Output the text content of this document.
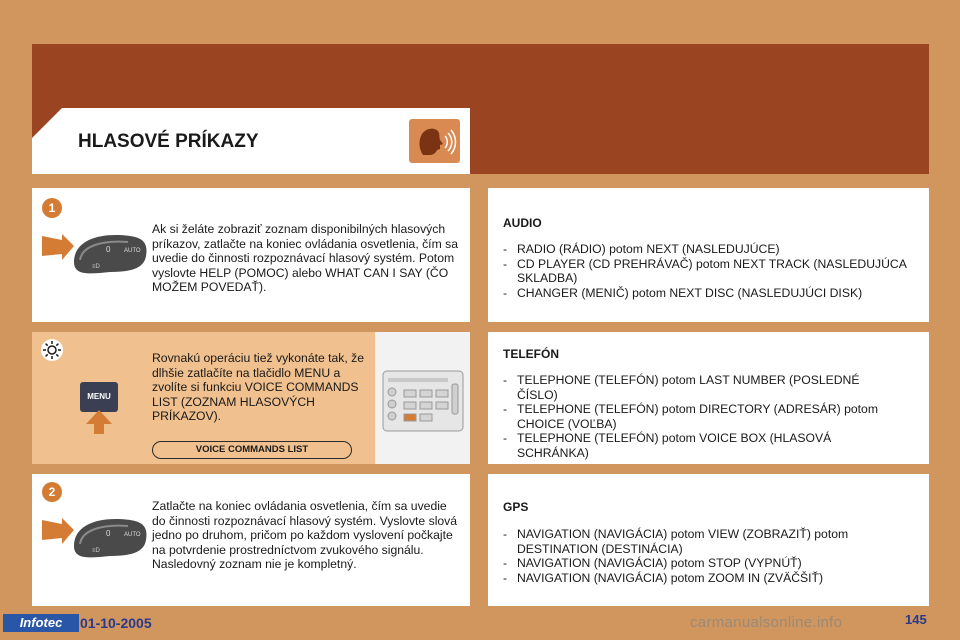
HLASOVÉ PRÍKAZY
1
0 AUTO
≡D
Ak si želáte zobraziť zoznam disponibilných hlasových príkazov, zatlačte na koniec ovládania osvetlenia, čím sa uvedie do činnosti rozpoznávací hlasový systém. Potom vyslovte HELP (POMOC) alebo WHAT CAN I SAY (ČO MOŽEM POVEDAŤ).
MENU
Rovnakú operáciu tiež vykonáte tak, že dlhšie zatlačíte na tlačidlo MENU a zvolíte si funkciu VOICE COMMANDS LIST (ZOZNAM HLASOVÝCH PRÍKAZOV).
VOICE COMMANDS LIST
2
0 AUTO
≡D
Zatlačte na koniec ovládania osvetlenia, čím sa uvedie do činnosti rozpoznávací hlasový systém. Vyslovte slová jedno po druhom, pričom po každom vyslovení počkajte na potvrdenie prostredníctvom zvukového signálu. Nasledovný zoznam nie je kompletný.
AUDIO
- RADIO (RÁDIO) potom NEXT (NASLEDUJÚCE)
- CD PLAYER (CD PREHRÁVAČ) potom NEXT TRACK (NASLEDUJÚCA SKLADBA)
- CHANGER (MENIČ) potom NEXT DISC (NASLEDUJÚCI DISK)
TELEFÓN
- TELEPHONE (TELEFÓN) potom LAST NUMBER (POSLEDNÉ ČÍSLO)
- TELEPHONE (TELEFÓN) potom DIRECTORY (ADRESÁR) potom CHOICE (VOĽBA)
- TELEPHONE (TELEFÓN) potom VOICE BOX (HLASOVÁ SCHRÁNKA)
GPS
- NAVIGATION (NAVIGÁCIA) potom VIEW (ZOBRAZIŤ) potom DESTINATION (DESTINÁCIA)
- NAVIGATION (NAVIGÁCIA) potom STOP (VYPNÚŤ)
- NAVIGATION (NAVIGÁCIA) potom ZOOM IN (ZVÄČŠIŤ)
Infotec	01-10-2005	carmanualsonline.info	145
